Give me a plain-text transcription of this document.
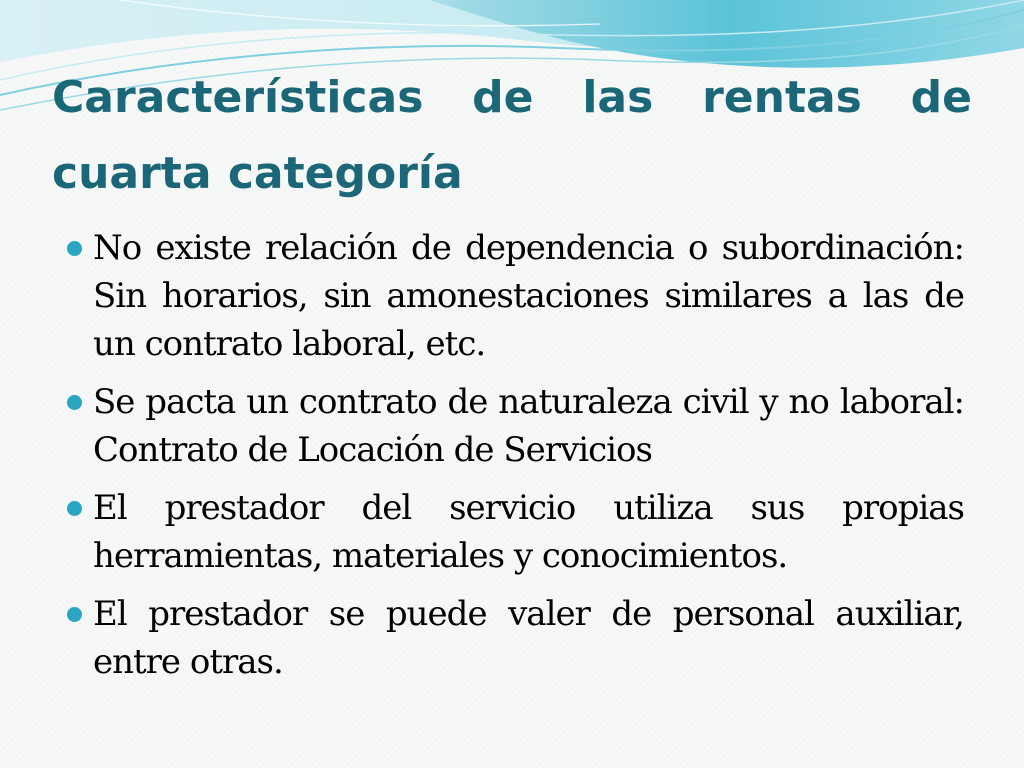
Características de las rentas de cuarta categoría
No existe relación de dependencia o subordinación: Sin horarios, sin amonestaciones similares a las de un contrato laboral, etc.
Se pacta un contrato de naturaleza civil y no laboral: Contrato de Locación de Servicios
El prestador del servicio utiliza sus propias herramientas, materiales y conocimientos.
El prestador se puede valer de personal auxiliar, entre otras.
